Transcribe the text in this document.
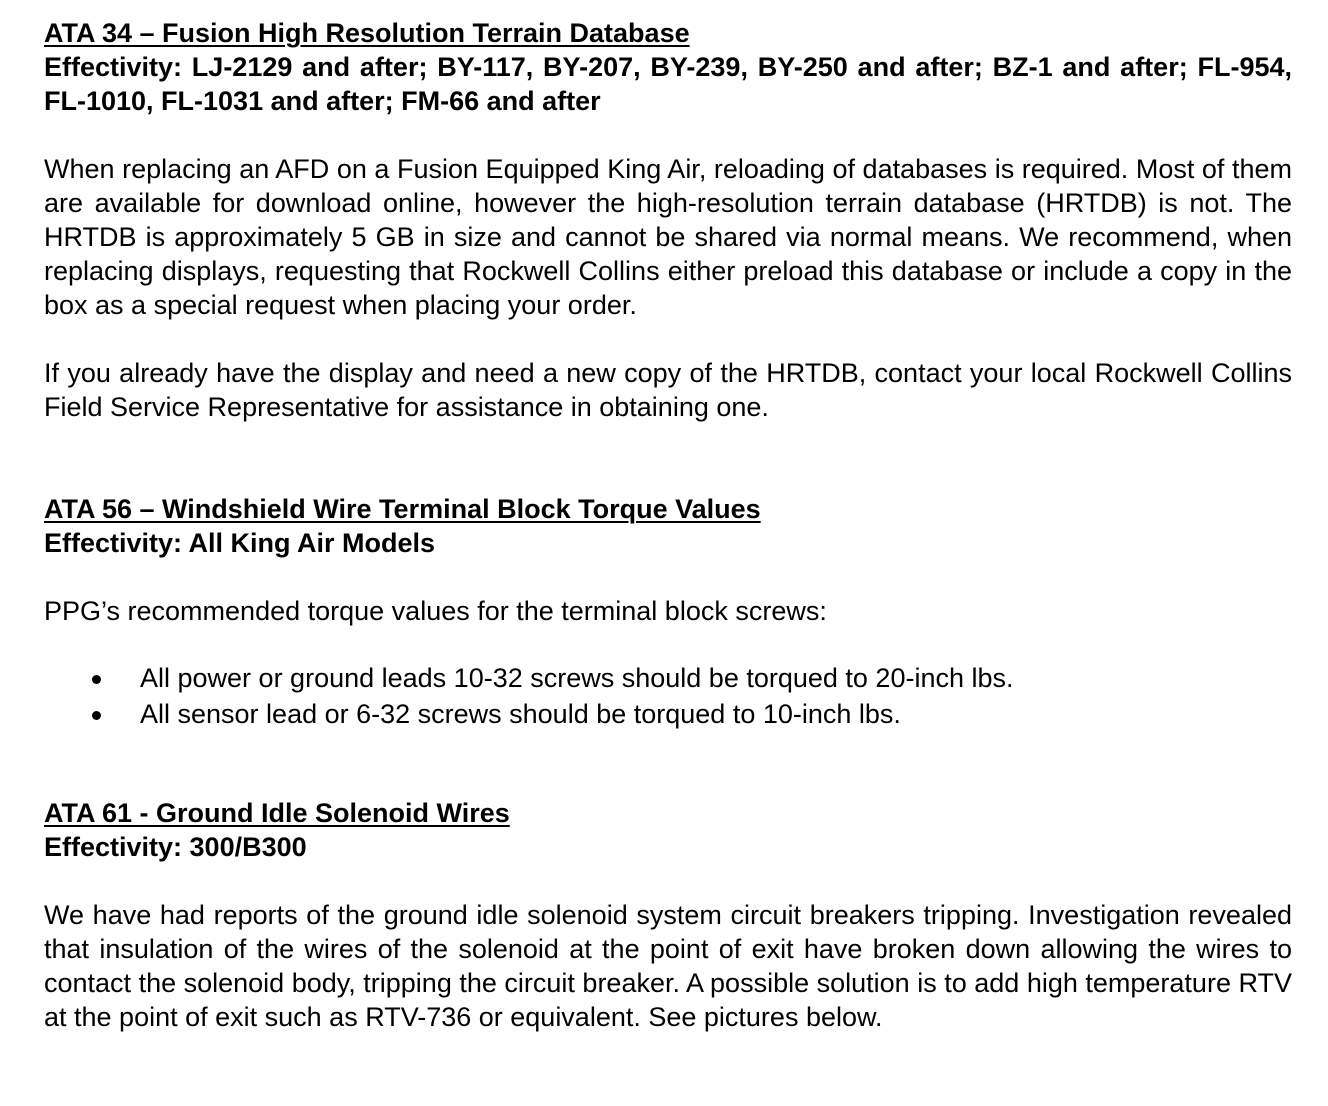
ATA 34 – Fusion High Resolution Terrain Database

Effectivity: LJ-2129 and after; BY-117, BY-207, BY-239, BY-250 and after; BZ-1 and after; FL-954, FL-1010, FL-1031 and after; FM-66 and after

When replacing an AFD on a Fusion Equipped King Air, reloading of databases is required. Most of them are available for download online, however the high-resolution terrain database (HRTDB) is not. The HRTDB is approximately 5 GB in size and cannot be shared via normal means. We recommend, when replacing displays, requesting that Rockwell Collins either preload this database or include a copy in the box as a special request when placing your order.

If you already have the display and need a new copy of the HRTDB, contact your local Rockwell Collins Field Service Representative for assistance in obtaining one.

ATA 56 – Windshield Wire Terminal Block Torque Values

Effectivity: All King Air Models

PPG’s recommended torque values for the terminal block screws:

All power or ground leads 10-32 screws should be torqued to 20-inch lbs.
All sensor lead or 6-32 screws should be torqued to 10-inch lbs.
ATA 61 - Ground Idle Solenoid Wires

Effectivity: 300/B300

We have had reports of the ground idle solenoid system circuit breakers tripping. Investigation revealed that insulation of the wires of the solenoid at the point of exit have broken down allowing the wires to contact the solenoid body, tripping the circuit breaker. A possible solution is to add high temperature RTV at the point of exit such as RTV-736 or equivalent. See pictures below.
